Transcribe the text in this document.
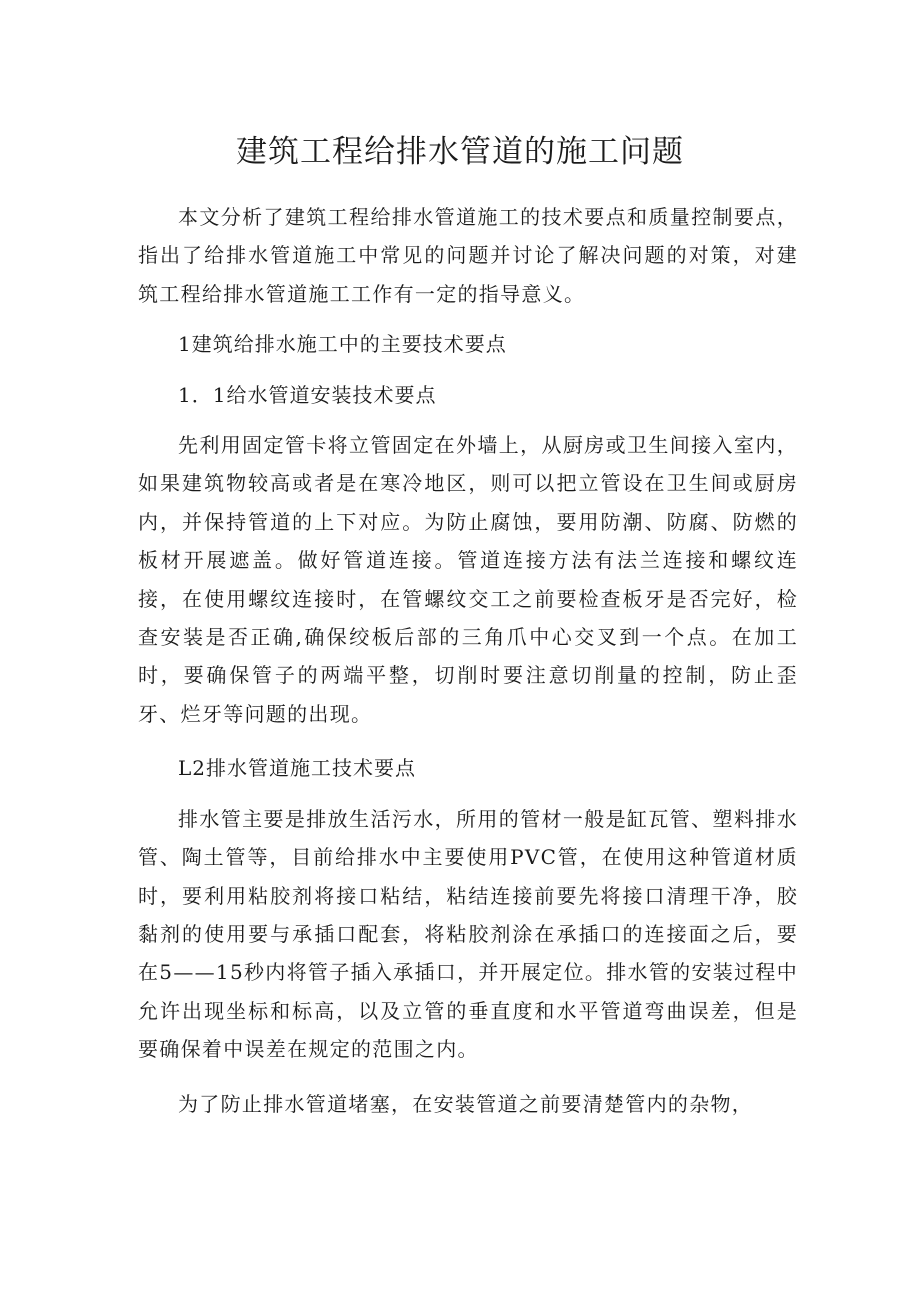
建筑工程给排水管道的施工问题

本文分析了建筑工程给排水管道施工的技术要点和质量控制要点，指出了给排水管道施工中常见的问题并讨论了解决问题的对策，对建筑工程给排水管道施工工作有一定的指导意义。

1建筑给排水施工中的主要技术要点

1．1给水管道安装技术要点

先利用固定管卡将立管固定在外墙上，从厨房或卫生间接入室内，如果建筑物较高或者是在寒冷地区，则可以把立管设在卫生间或厨房内，并保持管道的上下对应。为防止腐蚀，要用防潮、防腐、防燃的板材开展遮盖。做好管道连接。管道连接方法有法兰连接和螺纹连接，在使用螺纹连接时，在管螺纹交工之前要检查板牙是否完好，检查安装是否正确,确保绞板后部的三角爪中心交叉到一个点。在加工时，要确保管子的两端平整，切削时要注意切削量的控制，防止歪牙、烂牙等问题的出现。

L2排水管道施工技术要点

排水管主要是排放生活污水，所用的管材一般是缸瓦管、塑料排水管、陶土管等，目前给排水中主要使用PVC管，在使用这种管道材质时，要利用粘胶剂将接口粘结，粘结连接前要先将接口清理干净，胶黏剂的使用要与承插口配套，将粘胶剂涂在承插口的连接面之后，要在5——15秒内将管子插入承插口，并开展定位。排水管的安装过程中允许出现坐标和标高，以及立管的垂直度和水平管道弯曲误差，但是要确保着中误差在规定的范围之内。

为了防止排水管道堵塞，在安装管道之前要清楚管内的杂物，
